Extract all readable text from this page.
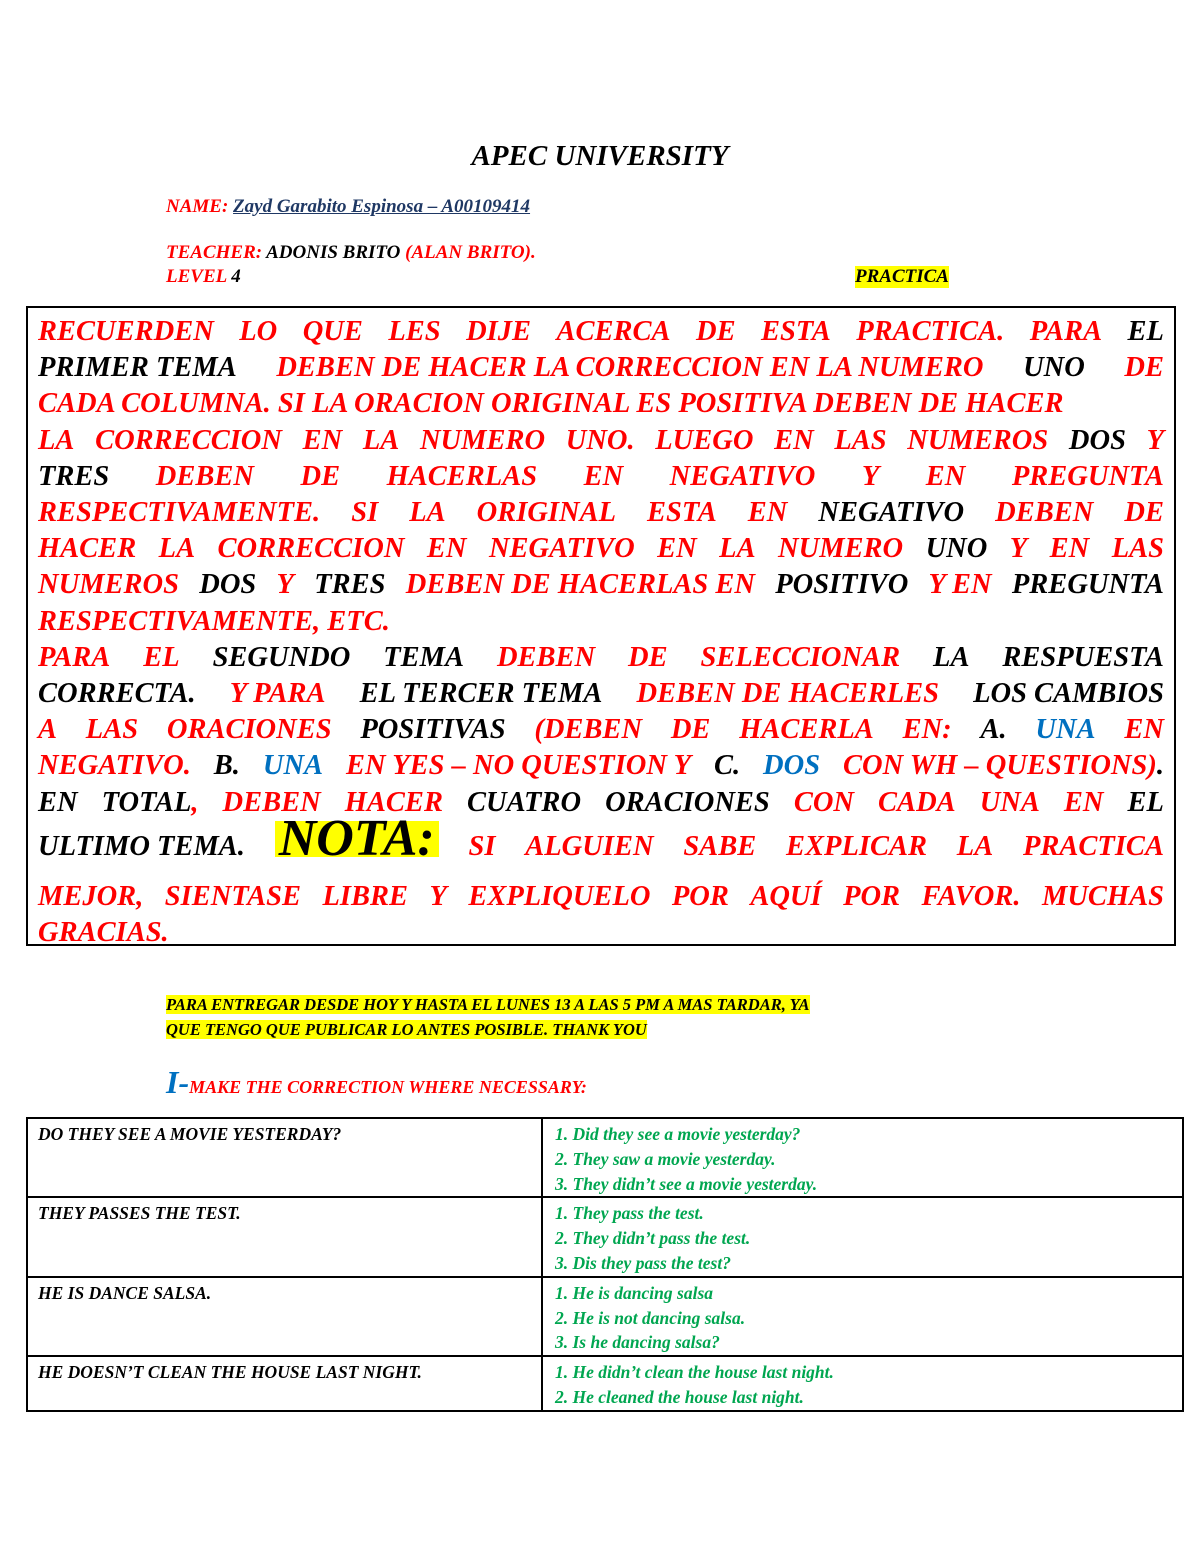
APEC UNIVERSITY
NAME: Zayd Garabito Espinosa – A00109414
TEACHER: ADONIS BRITO (ALAN BRITO).
LEVEL 4	PRACTICA
RECUERDEN LO QUE LES DIJE ACERCA DE ESTA PRACTICA. PARA EL
PRIMER TEMA DEBEN DE HACER LA CORRECCION EN LA NUMERO UNO DE
CADA COLUMNA. SI LA ORACION ORIGINAL ES POSITIVA DEBEN DE HACER
LA CORRECCION EN LA NUMERO UNO. LUEGO EN LAS NUMEROS DOS Y
TRES DEBEN DE HACERLAS EN NEGATIVO Y EN PREGUNTA
RESPECTIVAMENTE. SI LA ORIGINAL ESTA EN NEGATIVO DEBEN DE
HACER LA CORRECCION EN NEGATIVO EN LA NUMERO UNO Y EN LAS
NUMEROS DOS Y TRES DEBEN DE HACERLAS EN POSITIVO Y EN PREGUNTA
RESPECTIVAMENTE, ETC.
PARA EL SEGUNDO TEMA DEBEN DE SELECCIONAR LA RESPUESTA
CORRECTA. Y PARA EL TERCER TEMA DEBEN DE HACERLES LOS CAMBIOS
A LAS ORACIONES POSITIVAS (DEBEN DE HACERLA EN: A. UNA EN
NEGATIVO. B. UNA EN YES – NO QUESTION Y C. DOS CON WH – QUESTIONS).
EN TOTAL, DEBEN HACER CUATRO ORACIONES CON CADA UNA EN EL
ULTIMO TEMA. NOTA: SI ALGUIEN SABE EXPLICAR LA PRACTICA
MEJOR, SIENTASE LIBRE Y EXPLIQUELO POR AQUÍ POR FAVOR. MUCHAS
GRACIAS.
PARA ENTREGAR DESDE HOY Y HASTA EL LUNES 13 A LAS 5 PM A MAS TARDAR, YA
QUE TENGO QUE PUBLICAR LO ANTES POSIBLE. THANK YOU
I-MAKE THE CORRECTION WHERE NECESSARY:
DO THEY SEE A MOVIE YESTERDAY?	1. Did they see a movie yesterday?
2. They saw a movie yesterday.
3. They didn’t see a movie yesterday.

THEY PASSES THE TEST.	1. They pass the test.
2. They didn’t pass the test.
3. Dis they pass the test?

HE IS DANCE SALSA.	1. He is dancing salsa
2. He is not dancing salsa.
3. Is he dancing salsa?

HE DOESN’T CLEAN THE HOUSE LAST NIGHT.	1. He didn’t clean the house last night.
2. He cleaned the house last night.
